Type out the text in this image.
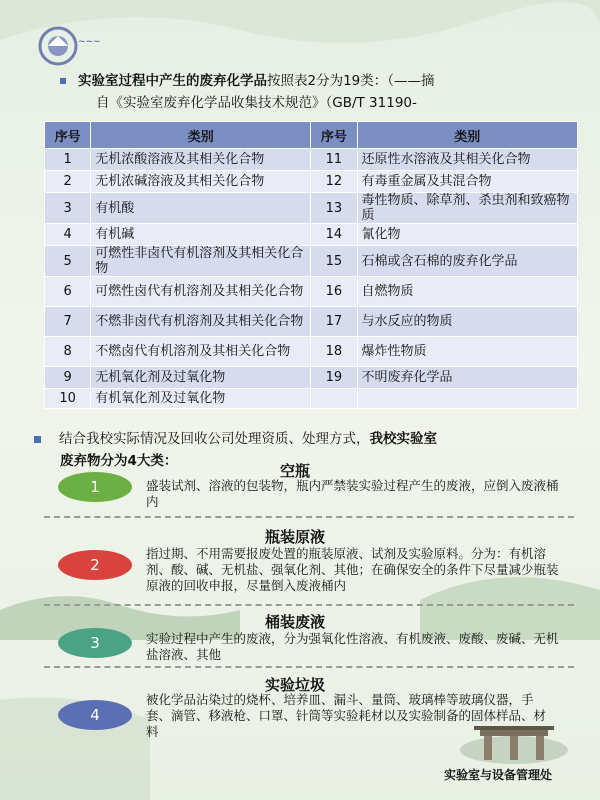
~~~
实验室过程中产生的废弃化学品按照表2分为19类：（——摘
自《实验室废弃化学品收集技术规范》（GB/T 31190-
序号	类别	序号	类别
1	无机浓酸溶液及其相关化合物	11	还原性水溶液及其相关化合物
2	无机浓碱溶液及其相关化合物	12	有毒重金属及其混合物
3	有机酸	13	毒性物质、除草剂、杀虫剂和致癌物质
4	有机碱	14	氰化物
5	可燃性非卤代有机溶剂及其相关化合物	15	石棉或含石棉的废弃化学品
6	可燃性卤代有机溶剂及其相关化合物	16	自燃物质
7	不燃非卤代有机溶剂及其相关化合物	17	与水反应的物质
8	不燃卤代有机溶剂及其相关化合物	18	爆炸性物质
9	无机氧化剂及过氧化物	19	不明废弃化学品
10	有机氧化剂及过氧化物		
结合我校实际情况及回收公司处理资质、处理方式，我校实验室
废弃物分为4大类：
空瓶
1	盛装试剂、溶液的包装物，瓶内严禁装实验过程产生的废液，应倒入废液桶内
瓶装原液
2
指过期、不用需要报废处置的瓶装原液、试剂及实验原料。分为：有机溶剂、酸、碱、无机盐、强氧化剂、其他；在确保安全的条件下尽量减少瓶装原液的回收申报，尽量倒入废液桶内
桶装废液
3	实验过程中产生的废液，分为强氧化性溶液、有机废液、废酸、废碱、无机盐溶液、其他
实验垃圾
4
被化学品沾染过的烧杯、培养皿、漏斗、量筒、玻璃棒等玻璃仪器，手套、滴管、移液枪、口罩、针筒等实验耗材以及实验制备的固体样品、材料
实验室与设备管理处
